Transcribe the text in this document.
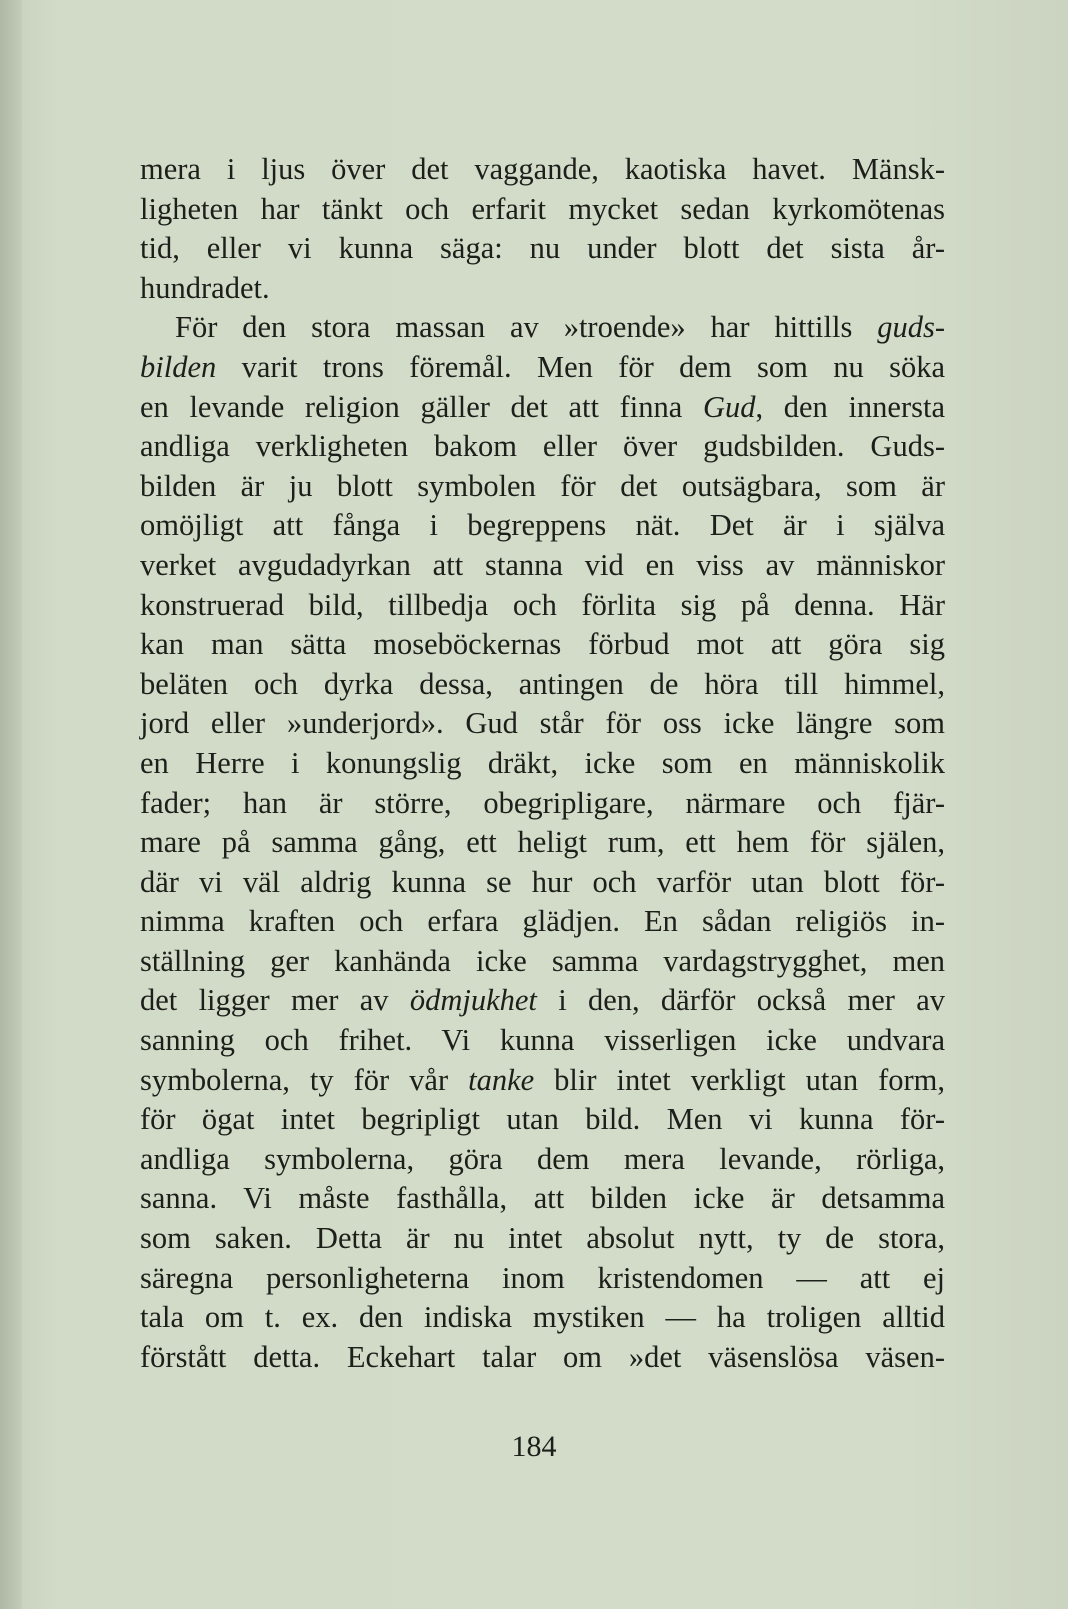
mera i ljus över det vaggande, kaotiska havet. Mänsk-
ligheten har tänkt och erfarit mycket sedan kyrkomötenas
tid, eller vi kunna säga: nu under blott det sista år-
hundradet.
För den stora massan av »troende» har hittills guds-
bilden varit trons föremål. Men för dem som nu söka
en levande religion gäller det att finna Gud, den innersta
andliga verkligheten bakom eller över gudsbilden. Guds-
bilden är ju blott symbolen för det outsägbara, som är
omöjligt att fånga i begreppens nät. Det är i själva
verket avgudadyrkan att stanna vid en viss av människor
konstruerad bild, tillbedja och förlita sig på denna. Här
kan man sätta moseböckernas förbud mot att göra sig
beläten och dyrka dessa, antingen de höra till himmel,
jord eller »underjord». Gud står för oss icke längre som
en Herre i konungslig dräkt, icke som en människolik
fader; han är större, obegripligare, närmare och fjär-
mare på samma gång, ett heligt rum, ett hem för själen,
där vi väl aldrig kunna se hur och varför utan blott för-
nimma kraften och erfara glädjen. En sådan religiös in-
ställning ger kanhända icke samma vardagstrygghet, men
det ligger mer av ödmjukhet i den, därför också mer av
sanning och frihet. Vi kunna visserligen icke undvara
symbolerna, ty för vår tanke blir intet verkligt utan form,
för ögat intet begripligt utan bild. Men vi kunna för-
andliga symbolerna, göra dem mera levande, rörliga,
sanna. Vi måste fasthålla, att bilden icke är detsamma
som saken. Detta är nu intet absolut nytt, ty de stora,
säregna personligheterna inom kristendomen — att ej
tala om t. ex. den indiska mystiken — ha troligen alltid
förstått detta. Eckehart talar om »det väsenslösa väsen-
184
